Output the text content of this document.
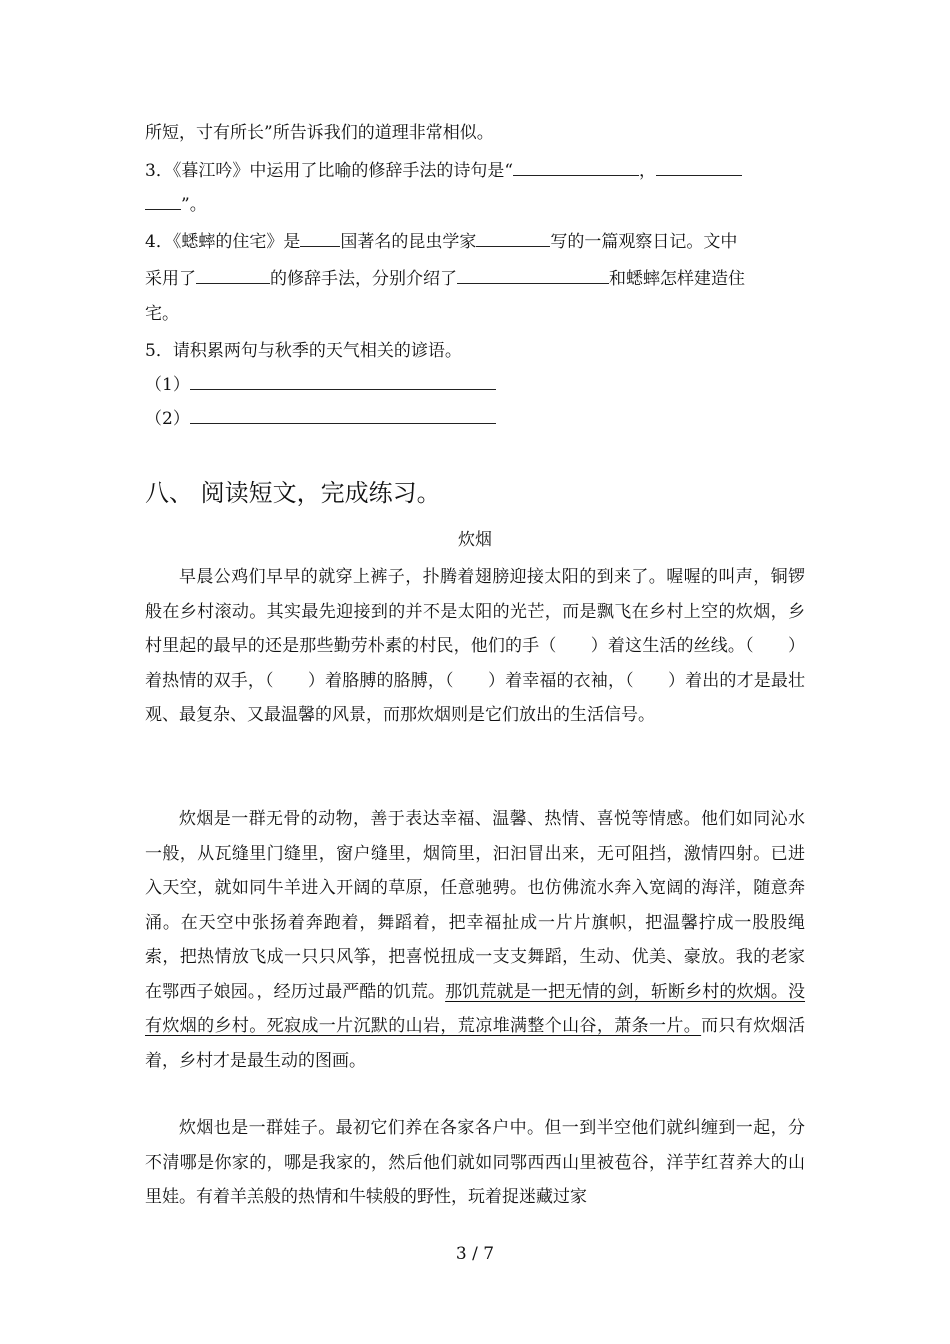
所短，寸有所长”所告诉我们的道理非常相似。
3．《暮江吟》中运用了比喻的修辞手法的诗句是“	，
”。
4．《蟋蟀的住宅》是 国著名的昆虫学家	写的一篇观察日记。文中
采用了	的修辞手法，分别介绍了	和蟋蟀怎样建造住
宅。
5．请积累两句与秋季的天气相关的谚语。
（1）
（2）
八、 阅读短文，完成练习。
炊烟

早晨公鸡们早早的就穿上裤子，扑腾着翅膀迎接太阳的到来了。喔喔的叫声，铜锣般在乡村滚动。其实最先迎接到的并不是太阳的光芒，而是飘飞在乡村上空的炊烟，乡村里起的最早的还是那些勤劳朴素的村民，他们的手（　　）着这生活的丝线。（　　）着热情的双手，（　　）着胳膊的胳膊，（　　）着幸福的衣袖，（　　）着出的才是最壮观、最复杂、又最温馨的风景，而那炊烟则是它们放出的生活信号。

炊烟是一群无骨的动物，善于表达幸福、温馨、热情、喜悦等情感。他们如同沁水一般，从瓦缝里门缝里，窗户缝里，烟筒里，汩汩冒出来，无可阻挡，激情四射。已进入天空，就如同牛羊进入开阔的草原，任意驰骋。也仿佛流水奔入宽阔的海洋，随意奔涌。在天空中张扬着奔跑着，舞蹈着，把幸福扯成一片片旗帜，把温馨拧成一股股绳索，把热情放飞成一只只风筝，把喜悦扭成一支支舞蹈，生动、优美、豪放。我的老家在鄂西子娘园。，经历过最严酷的饥荒。那饥荒就是一把无情的剑，斩断乡村的炊烟。没有炊烟的乡村。死寂成一片沉默的山岩，荒凉堆满整个山谷，萧条一片。而只有炊烟活着，乡村才是最生动的图画。

炊烟也是一群娃子。最初它们养在各家各户中。但一到半空他们就纠缠到一起，分不清哪是你家的，哪是我家的，然后他们就如同鄂西西山里被苞谷，洋芋红苕养大的山里娃。有着羊羔般的热情和牛犊般的野性，玩着捉迷藏过家

3 / 7
